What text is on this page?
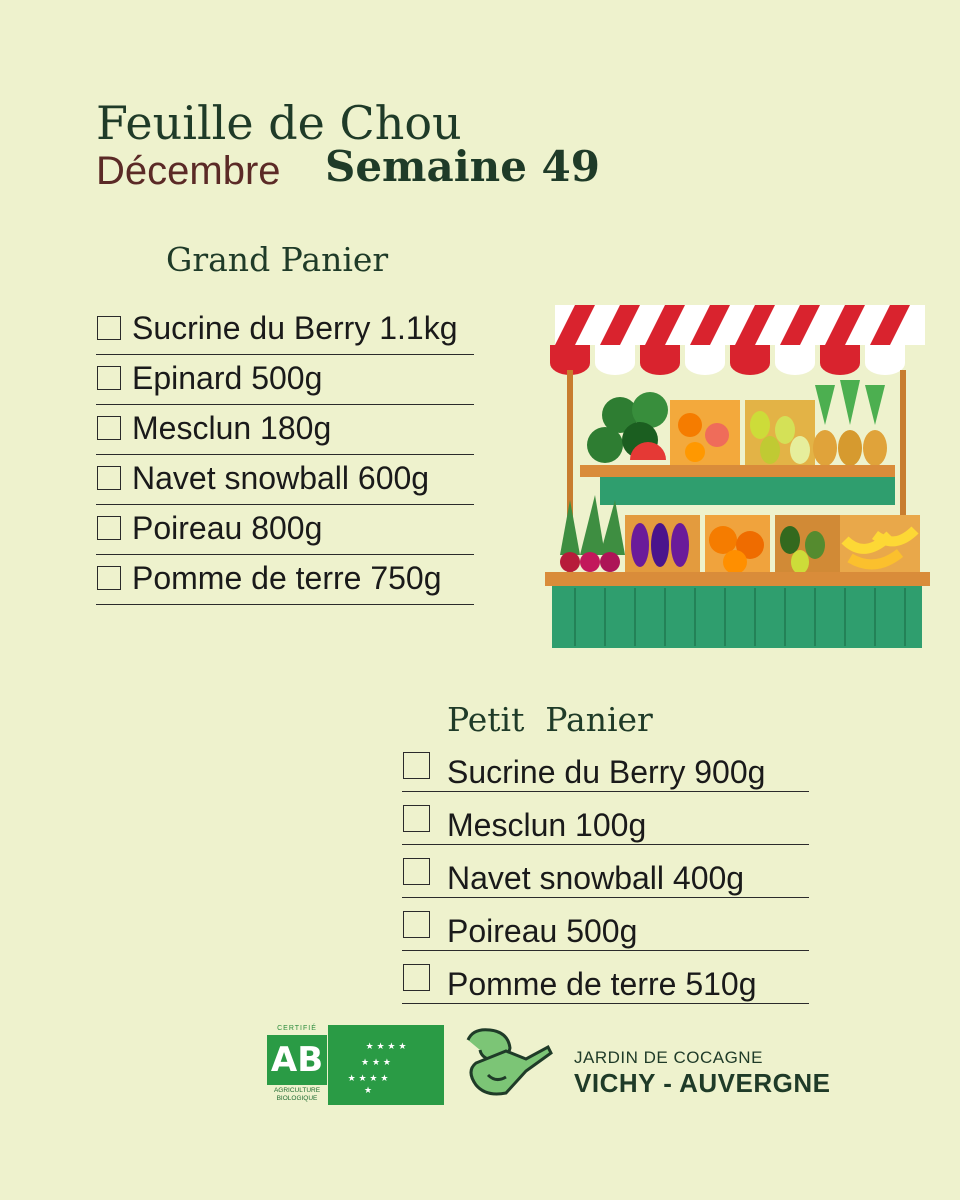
Feuille de Chou
Décembre Semaine 49
Grand Panier
Sucrine du Berry 1.1kg
Epinard 500g
Mesclun 180g
Navet snowball 600g
Poireau 800g
Pomme de terre 750g
Petit  Panier
Sucrine du Berry 900g
Mesclun 100g
Navet snowball 400g
Poireau 500g
Pomme de terre 510g
CERTIFIÉ
AB
AGRICULTURE
BIOLOGIQUE
★ ★ ★ ★
★ ★ ★
★ ★ ★ ★
★
JARDIN DE COCAGNE
VICHY - AUVERGNE
